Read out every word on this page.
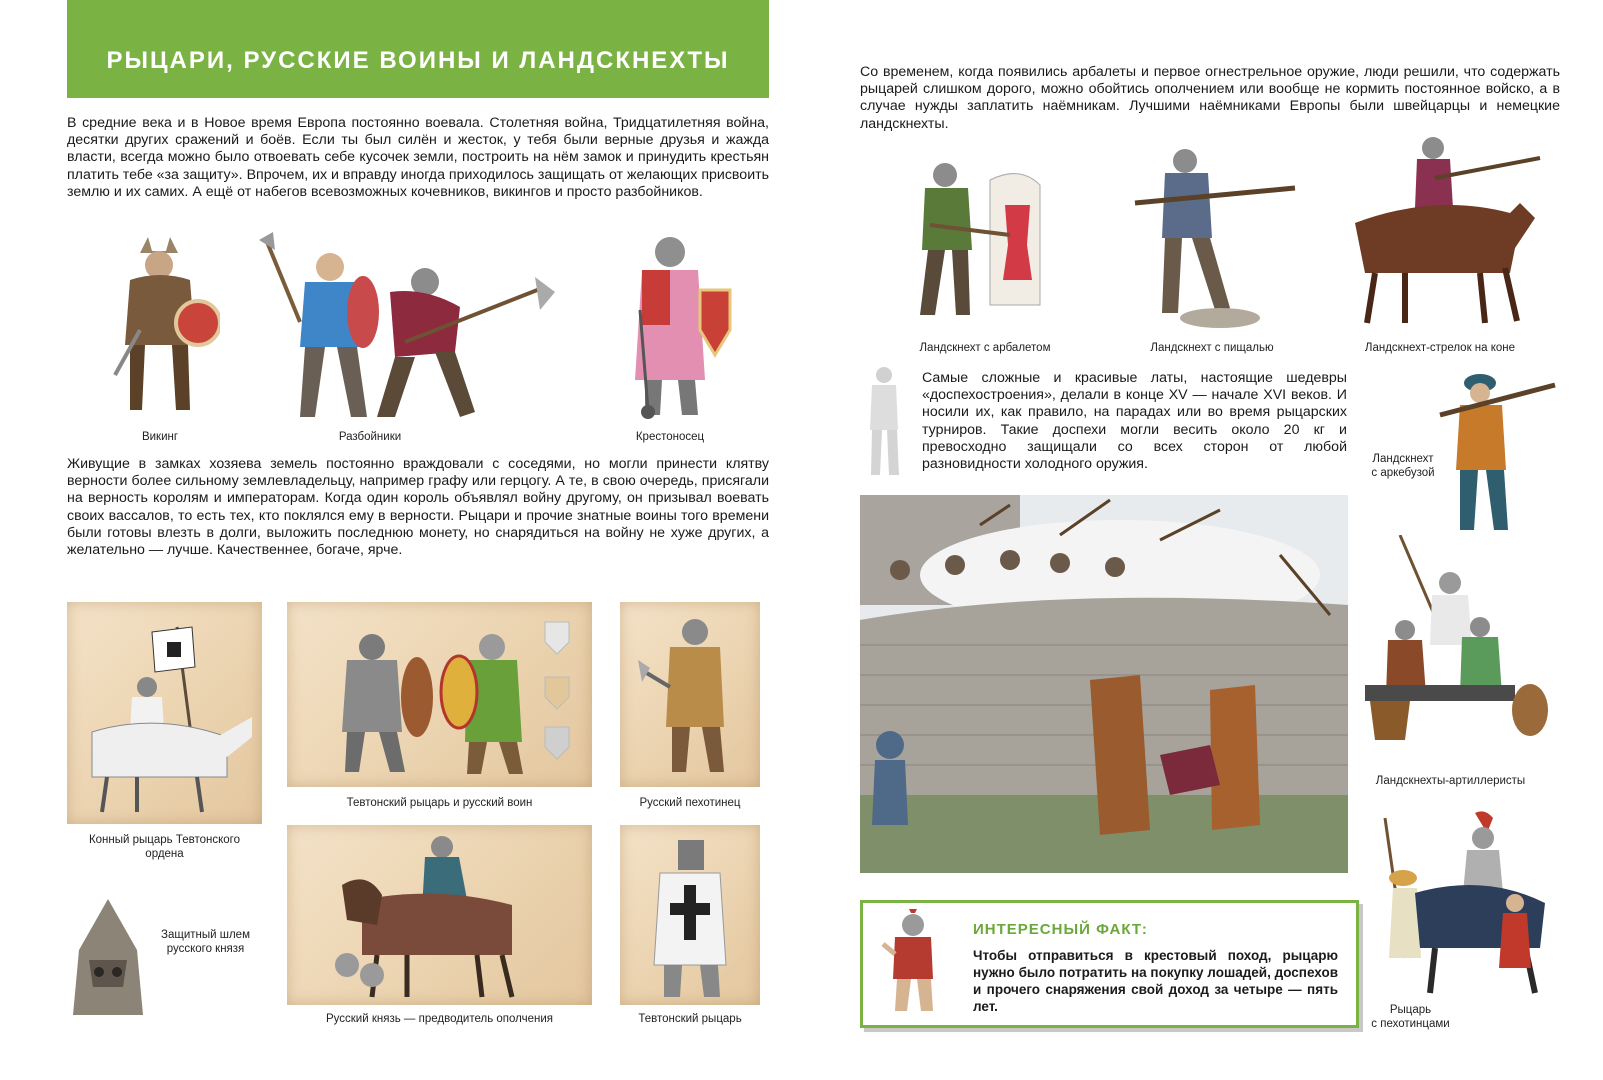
РЫЦАРИ, РУССКИЕ ВОИНЫ И ЛАНДСКНЕХТЫ

В средние века и в Новое время Европа постоянно воевала. Столетняя война, Тридцатилетняя война, десятки других сражений и боёв. Если ты был силён и жесток, у тебя были верные друзья и жажда власти, всегда можно было отвоевать себе кусочек земли, построить на нём замок и принудить крестьян платить тебе «за защиту». Впрочем, их и вправду иногда приходилось защищать от желающих присвоить землю и их самих. А ещё от набегов всевозможных кочевников, викингов и просто разбойников.

Викинг	Разбойники	Крестоносец

Живущие в замках хозяева земель постоянно враждовали с соседями, но могли принести клятву верности более сильному землевладельцу, например графу или герцогу. А те, в свою очередь, присягали на верность королям и императорам. Когда один король объявлял войну другому, он призывал воевать своих вассалов, то есть тех, кто поклялся ему в верности. Рыцари и прочие знатные воины того времени были готовы влезть в долги, выложить последнюю монету, но снарядиться на войну не хуже других, а желательно — лучше. Качественнее, богаче, ярче.

Конный рыцарь Тевтонского
ордена
Защитный шлем
русского князя
Тевтонский рыцарь и русский воин	Русский пехотинец
Русский князь — предводитель ополчения	Тевтонский рыцарь

Со временем, когда появились арбалеты и первое огнестрельное оружие, люди решили, что содержать рыцарей слишком дорого, можно обойтись ополчением или вообще не кормить постоянное войско, а в случае нужды заплатить наёмникам. Лучшими наёмниками Европы были швейцарцы и немецкие ландскнехты.

Ландскнехт с арбалетом	Ландскнехт с пищалью	Ландскнехт-стрелок на коне

Самые сложные и красивые латы, настоящие шедевры «доспехостроения», делали в конце XV — начале XVI веков. И носили их, как правило, на парадах или во время рыцарских турниров. Такие доспехи могли весить около 20 кг и превосходно защищали со всех сторон от любой разновидности холодного оружия.	Ландскнехт
с аркебузой
Ландскнехты-артиллеристы
ИНТЕРЕСНЫЙ ФАКТ:

Чтобы отправиться в крестовый поход, рыцарю нужно было потратить на покупку лошадей, доспехов и прочего снаряжения свой доход за четыре — пять лет.	Рыцарь
с пехотинцами
